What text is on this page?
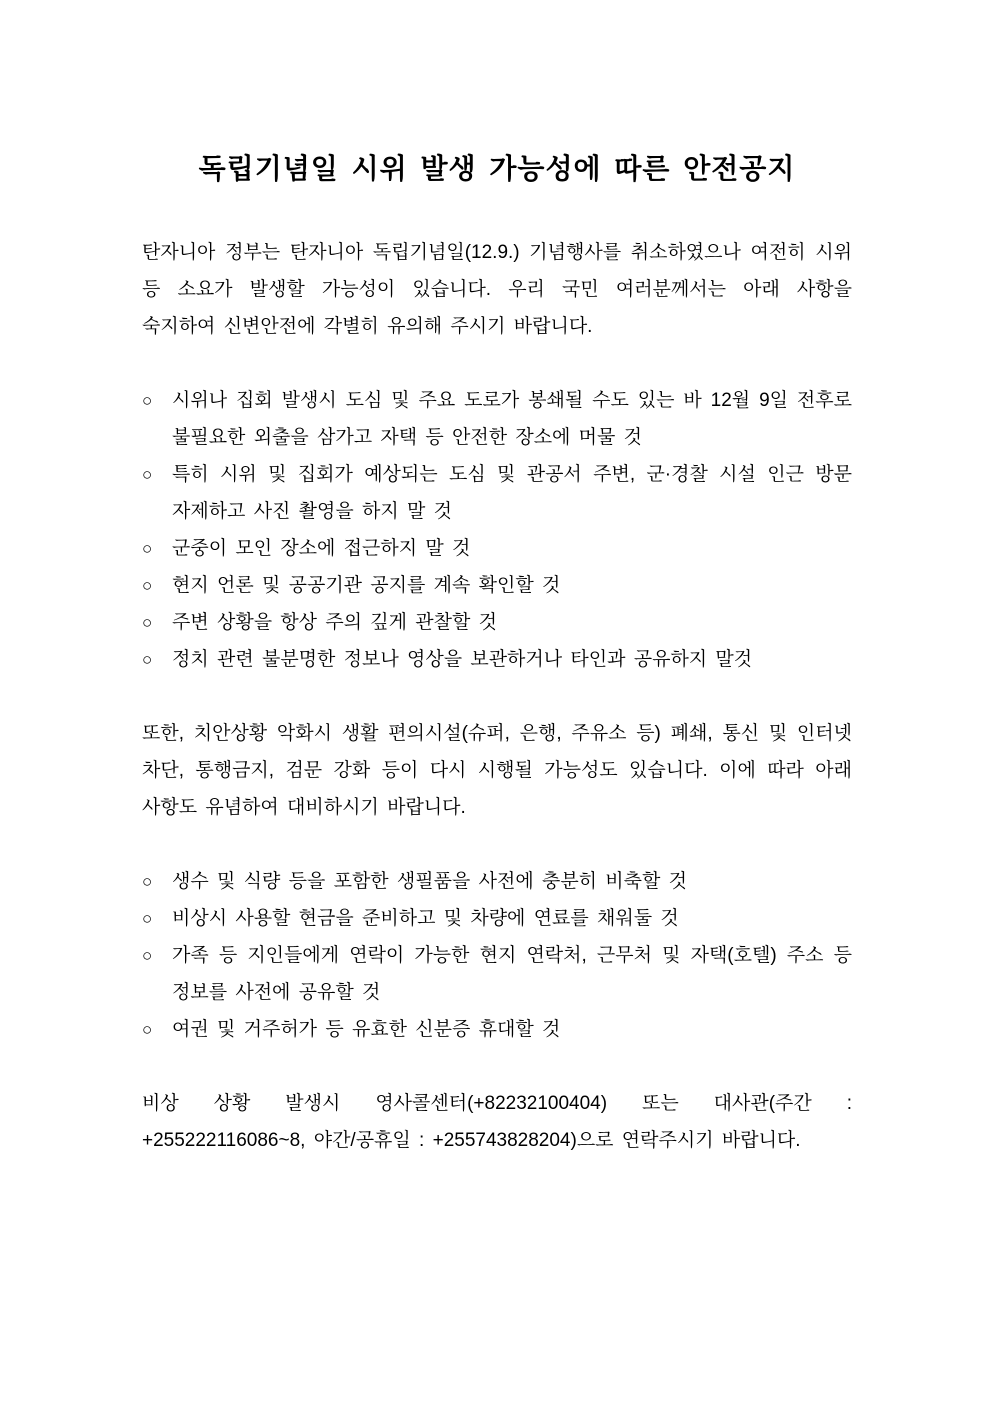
독립기념일 시위 발생 가능성에 따른 안전공지

탄자니아 정부는 탄자니아 독립기념일(12.9.) 기념행사를 취소하였으나 여전히 시위 등 소요가 발생할 가능성이 있습니다. 우리 국민 여러분께서는 아래 사항을 숙지하여 신변안전에 각별히 유의해 주시기 바랍니다.

○	시위나 집회 발생시 도심 및 주요 도로가 봉쇄될 수도 있는 바 12월 9일 전후로 불필요한 외출을 삼가고 자택 등 안전한 장소에 머물 것
○	특히 시위 및 집회가 예상되는 도심 및 관공서 주변, 군·경찰 시설 인근 방문 자제하고 사진 촬영을 하지 말 것
○	군중이 모인 장소에 접근하지 말 것
○	현지 언론 및 공공기관 공지를 계속 확인할 것
○	주변 상황을 항상 주의 깊게 관찰할 것
○	정치 관련 불분명한 정보나 영상을 보관하거나 타인과 공유하지 말것

또한, 치안상황 악화시 생활 편의시설(슈퍼, 은행, 주유소 등) 폐쇄, 통신 및 인터넷 차단, 통행금지, 검문 강화 등이 다시 시행될 가능성도 있습니다. 이에 따라 아래 사항도 유념하여 대비하시기 바랍니다.

○	생수 및 식량 등을 포함한 생필품을 사전에 충분히 비축할 것
○	비상시 사용할 현금을 준비하고 및 차량에 연료를 채워둘 것
○	가족 등 지인들에게 연락이 가능한 현지 연락처, 근무처 및 자택(호텔) 주소 등 정보를 사전에 공유할 것
○	여권 및 거주허가 등 유효한 신분증 휴대할 것

비상 상황 발생시 영사콜센터(+82232100404) 또는 대사관(주간 : +255222116086~8, 야간/공휴일 : +255743828204)으로 연락주시기 바랍니다.
